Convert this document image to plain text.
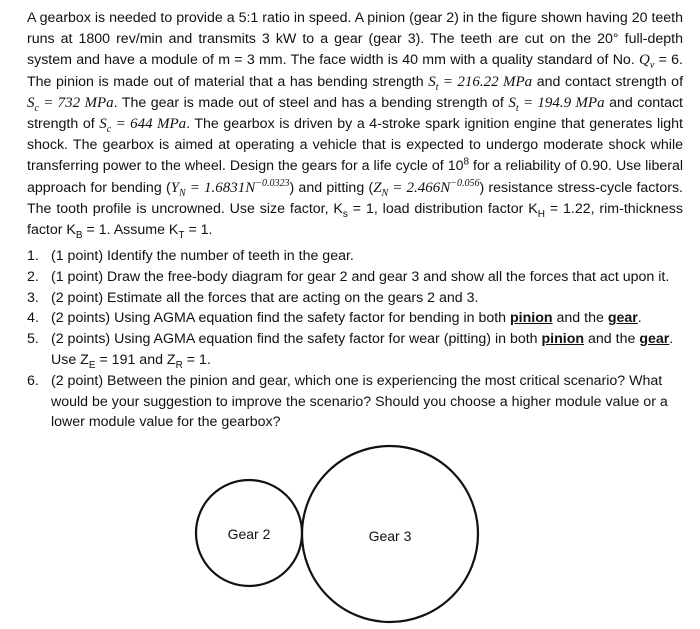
A gearbox is needed to provide a 5:1 ratio in speed. A pinion (gear 2) in the figure shown having 20 teeth runs at 1800 rev/min and transmits 3 kW to a gear (gear 3). The teeth are cut on the 20° full-depth system and have a module of m = 3 mm. The face width is 40 mm with a quality standard of No. $Q_v = 6$. The pinion is made out of material that a has bending strength $S_t = 216.22$ MPa and contact strength of $S_c = 732$ MPa. The gear is made out of steel and has a bending strength of $S_t = 194.9$ MPa and contact strength of $S_c = 644$ MPa. The gearbox is driven by a 4-stroke spark ignition engine that generates light shock. The gearbox is aimed at operating a vehicle that is expected to undergo moderate shock while transferring power to the wheel. Design the gears for a life cycle of $10^8$ for a reliability of 0.90. Use liberal approach for bending $(Y_N = 1.6831N^{-0.0323})$ and pitting $(Z_N = 2.466N^{-0.056})$ resistance stress-cycle factors. The tooth profile is uncrowned. Use size factor, $K_s = 1$, load distribution factor $K_H = 1.22$, rim-thickness factor $K_B = 1$. Assume $K_T = 1$.
1. (1 point) Identify the number of teeth in the gear.
2. (1 point) Draw the free-body diagram for gear 2 and gear 3 and show all the forces that act upon it.
3. (2 point) Estimate all the forces that are acting on the gears 2 and 3.
4. (2 points) Using AGMA equation find the safety factor for bending in both pinion and the gear.
5. (2 points) Using AGMA equation find the safety factor for wear (pitting) in both pinion and the gear.
Use $Z_E = 191$ and $Z_R = 1$.
6. (2 point) Between the pinion and gear, which one is experiencing the most critical scenario? What would be your suggestion to improve the scenario? Should you choose a higher module value or a lower module value for the gearbox?
Gear 2	Gear 3
